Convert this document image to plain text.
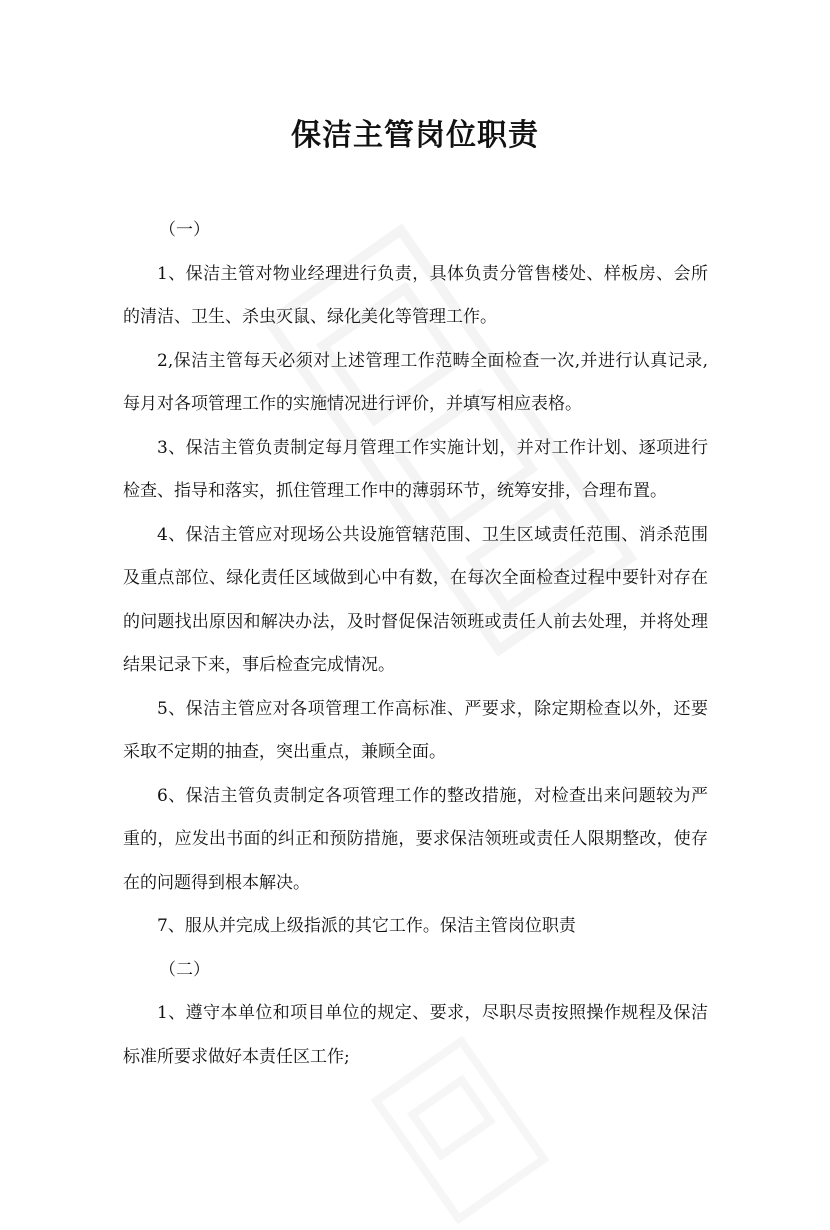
保洁主管岗位职责

（一）

1、保洁主管对物业经理进行负责，具体负责分管售楼处、样板房、会所的清洁、卫生、杀虫灭鼠、绿化美化等管理工作。

2,保洁主管每天必须对上述管理工作范畴全面检查一次,并进行认真记录,每月对各项管理工作的实施情况进行评价，并填写相应表格。

3、保洁主管负责制定每月管理工作实施计划，并对工作计划、逐项进行检查、指导和落实，抓住管理工作中的薄弱环节，统筹安排，合理布置。

4、保洁主管应对现场公共设施管辖范围、卫生区域责任范围、消杀范围及重点部位、绿化责任区域做到心中有数，在每次全面检查过程中要针对存在的问题找出原因和解决办法，及时督促保洁领班或责任人前去处理，并将处理结果记录下来，事后检查完成情况。

5、保洁主管应对各项管理工作高标准、严要求，除定期检查以外，还要采取不定期的抽查，突出重点，兼顾全面。

6、保洁主管负责制定各项管理工作的整改措施，对检查出来问题较为严重的，应发出书面的纠正和预防措施，要求保洁领班或责任人限期整改，使存在的问题得到根本解决。

7、服从并完成上级指派的其它工作。保洁主管岗位职责

（二）

1、遵守本单位和项目单位的规定、要求，尽职尽责按照操作规程及保洁标准所要求做好本责任区工作;
